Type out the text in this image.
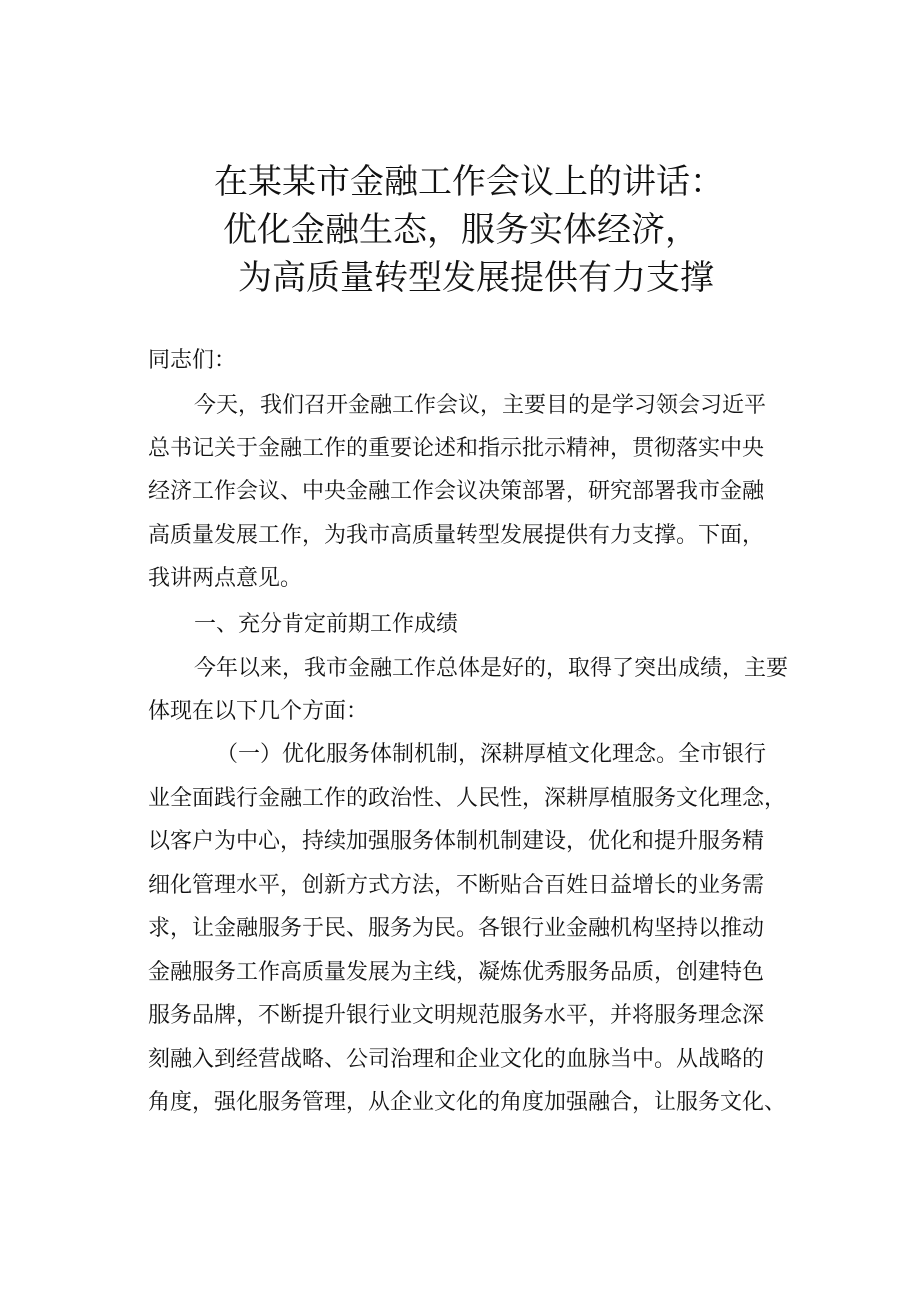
在某某市金融工作会议上的讲话：
优化金融生态，服务实体经济，
为高质量转型发展提供有力支撑
同志们：
今天，我们召开金融工作会议，主要目的是学习领会习近平
总书记关于金融工作的重要论述和指示批示精神，贯彻落实中央
经济工作会议、中央金融工作会议决策部署，研究部署我市金融
高质量发展工作，为我市高质量转型发展提供有力支撑。下面，
我讲两点意见。
一、充分肯定前期工作成绩
今年以来，我市金融工作总体是好的，取得了突出成绩，主要
体现在以下几个方面：
（一）优化服务体制机制，深耕厚植文化理念。全市银行
业全面践行金融工作的政治性、人民性，深耕厚植服务文化理念，
以客户为中心，持续加强服务体制机制建设，优化和提升服务精
细化管理水平，创新方式方法，不断贴合百姓日益增长的业务需
求，让金融服务于民、服务为民。各银行业金融机构坚持以推动
金融服务工作高质量发展为主线，凝炼优秀服务品质，创建特色
服务品牌，不断提升银行业文明规范服务水平，并将服务理念深
刻融入到经营战略、公司治理和企业文化的血脉当中。从战略的
角度，强化服务管理，从企业文化的角度加强融合，让服务文化、
